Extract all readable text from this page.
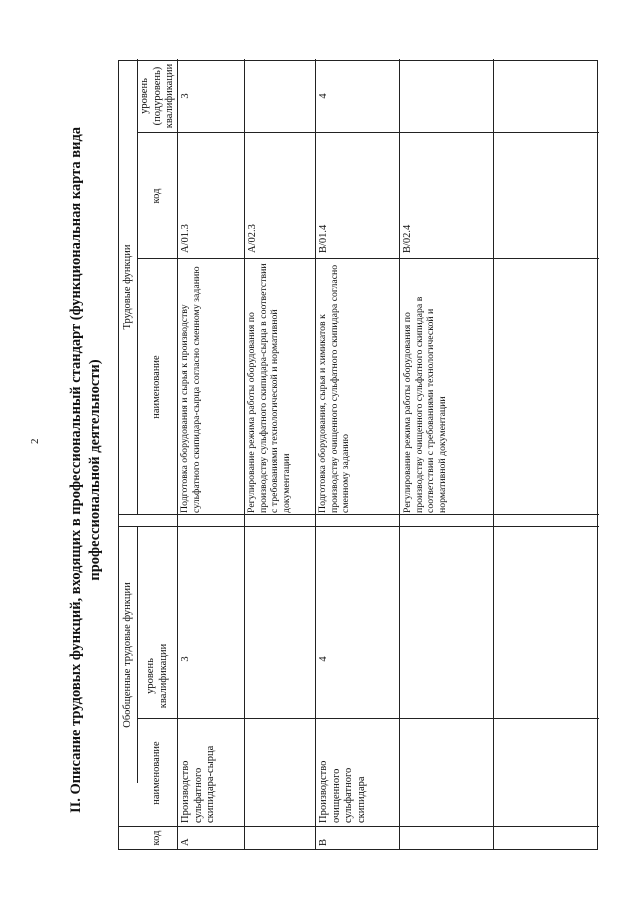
2 II. Описание трудовых функций, входящих в профессиональный стандарт (функциональная карта вида профессиональной деятельности)
Обобщенные трудовые функции
Трудовые функции
код
наименование
уровень квалификации
наименование
код
уровень (подуровень) квалификации
A
Производство сульфатного скипидара-сырца
3
Подготовка оборудования и сырья к производству сульфатного скипидара-сырца согласно сменному заданию
A/01.3
3
Регулирование режима работы оборудования по производству сульфатного скипидара-сырца в соответствии с требованиями технологической и нормативной документации
A/02.3
B
Производство очищенного сульфатного скипидара
4
Подготовка оборудования, сырья и химикатов к производству очищенного сульфатного скипидара согласно сменному заданию
B/01.4
4
Регулирование режима работы оборудования по производству очищенного сульфатного скипидара в соответствии с требованиями технологической и нормативной документации
B/02.4
